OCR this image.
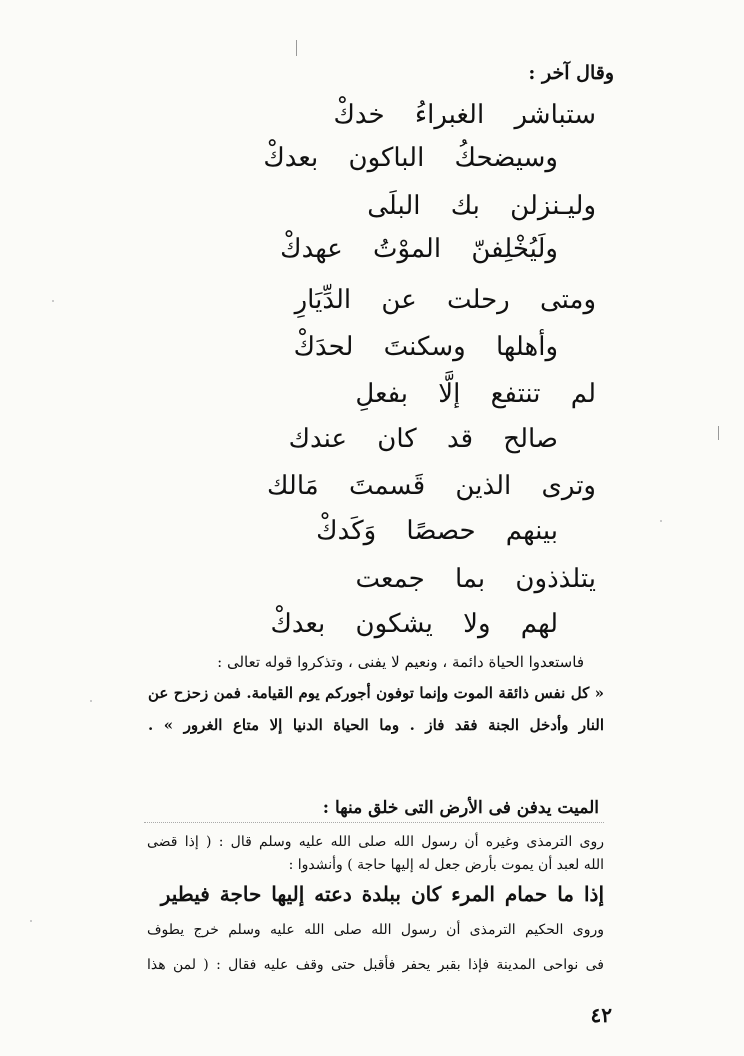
وقال آخر :
ستباشر الغبراءُ خدكْ
وسيضحكُ الباكون بعدكْ
وليـنزلن بك البلَى
ولَيُخْلِفنّ الموْتُ عهدكْ
ومتى رحلت عن الدِّيَارِ
وأهلها وسكنتَ لحدَكْ
لم تنتفع إلَّا بفعلِ
صالح قد كان عندك
وترى الذين قَسمتَ مَالك
بينهم حصصًا وَكَدكْ
يتلذذون بما جمعت
لهم ولا يشكون بعدكْ
فاستعدوا الحياة دائمة ، ونعيم لا يفنى ، وتذكروا قوله تعالى :
« كل نفس ذائقة الموت وإنما توفون أجوركم يوم القيامة. فمن زحزح عن
النار وأدخل الجنة فقد فاز . وما الحياة الدنيا إلا متاع الغرور » .
الميت يدفن فى الأرض التى خلق منها :
روى الترمذى وغيره أن رسول الله صلى الله عليه وسلم قال : ( إذا قضى
الله لعبد أن يموت بأرض جعل له إليها حاجة ) وأنشدوا :
إذا ما حمام المرء كان ببلدة دعته إليها حاجة فيطير
وروى الحكيم الترمذى أن رسول الله صلى الله عليه وسلم خرج يطوف
فى نواحى المدينة فإذا بقبر يحفر فأقبل حتى وقف عليه فقال : ( لمن هذا
٤٢
